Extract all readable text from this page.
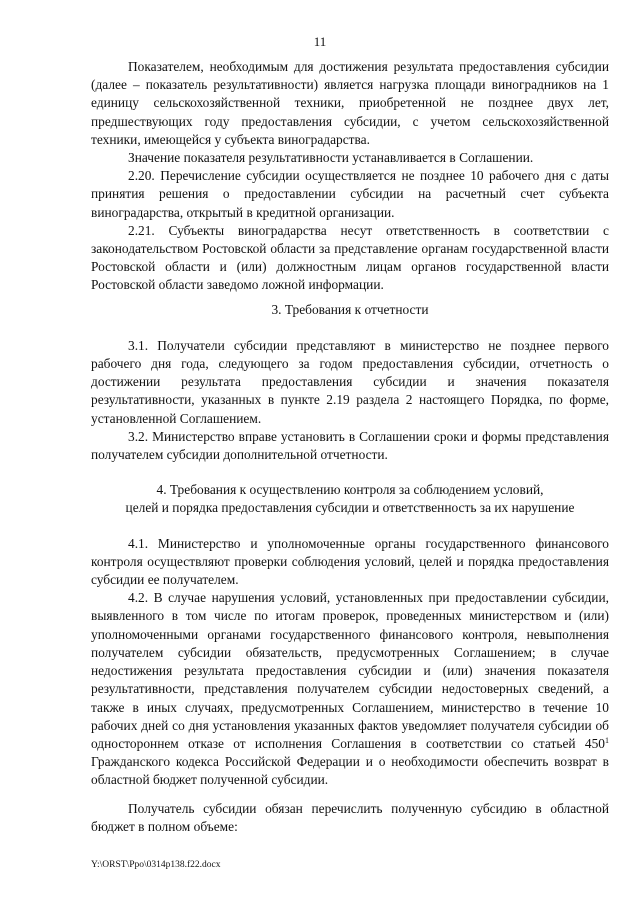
11

Показателем, необходимым для достижения результата предоставления субсидии (далее – показатель результативности) является нагрузка площади виноградников на 1 единицу сельскохозяйственной техники, приобретенной не позднее двух лет, предшествующих году предоставления субсидии, с учетом сельскохозяйственной техники, имеющейся у субъекта виноградарства.

Значение показателя результативности устанавливается в Соглашении.

2.20. Перечисление субсидии осуществляется не позднее 10 рабочего дня с даты принятия решения о предоставлении субсидии на расчетный счет субъекта виноградарства, открытый в кредитной организации.

2.21. Субъекты виноградарства несут ответственность в соответствии с законодательством Ростовской области за представление органам государственной власти Ростовской области и (или) должностным лицам органов государственной власти Ростовской области заведомо ложной информации.

3. Требования к отчетности

3.1. Получатели субсидии представляют в министерство не позднее первого рабочего дня года, следующего за годом предоставления субсидии, отчетность о достижении результата предоставления субсидии и значения показателя результативности, указанных в пункте 2.19 раздела 2 настоящего Порядка, по форме, установленной Соглашением.

3.2. Министерство вправе установить в Соглашении сроки и формы представления получателем субсидии дополнительной отчетности.

4. Требования к осуществлению контроля за соблюдением условий,

целей и порядка предоставления субсидии и ответственность за их нарушение

4.1. Министерство и уполномоченные органы государственного финансового контроля осуществляют проверки соблюдения условий, целей и порядка предоставления субсидии ее получателем.

4.2. В случае нарушения условий, установленных при предоставлении субсидии, выявленного в том числе по итогам проверок, проведенных министерством и (или) уполномоченными органами государственного финансового контроля, невыполнения получателем субсидии обязательств, предусмотренных Соглашением; в случае недостижения результата предоставления субсидии и (или) значения показателя результативности, представления получателем субсидии недостоверных сведений, а также в иных случаях, предусмотренных Соглашением, министерство в течение 10 рабочих дней со дня установления указанных фактов уведомляет получателя субсидии об одностороннем отказе от исполнения Соглашения в соответствии со статьей $450^1$ Гражданского кодекса Российской Федерации и о необходимости обеспечить возврат в областной бюджет полученной субсидии.

Получатель субсидии обязан перечислить полученную субсидию в областной бюджет в полном объеме:

Y:\ORST\Ppo\0314p138.f22.docx
